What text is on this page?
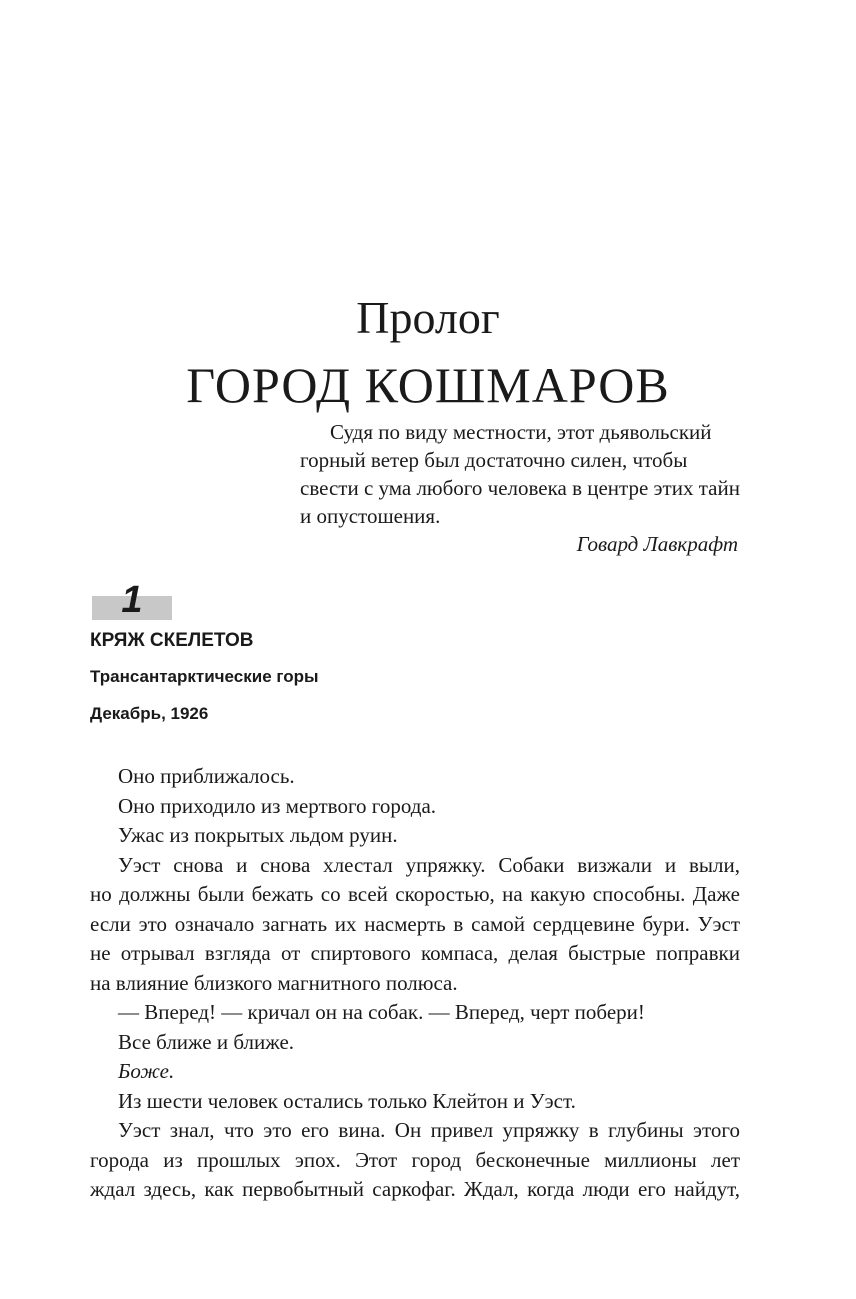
Пролог
ГОРОД КОШМАРОВ
Судя по виду местности, этот дьявольский
горный ветер был достаточно силен, чтобы
свести с ума любого человека в центре этих тайн
и опустошения.
Говард Лавкрафт
1
КРЯЖ СКЕЛЕТОВ
Трансантарктические горы
Декабрь, 1926
Оно приближалось.
Оно приходило из мертвого города.
Ужас из покрытых льдом руин.
Уэст снова и снова хлестал упряжку. Собаки визжали и выли,
но должны были бежать со всей скоростью, на какую способны. Даже
если это означало загнать их насмерть в самой сердцевине бури. Уэст
не отрывал взгляда от спиртового компаса, делая быстрые поправки
на влияние близкого магнитного полюса.
— Вперед! — кричал он на собак. — Вперед, черт побери!
Все ближе и ближе.
Боже.
Из шести человек остались только Клейтон и Уэст.
Уэст знал, что это его вина. Он привел упряжку в глубины этого
города из прошлых эпох. Этот город бесконечные миллионы лет
ждал здесь, как первобытный саркофаг. Ждал, когда люди его найдут,
